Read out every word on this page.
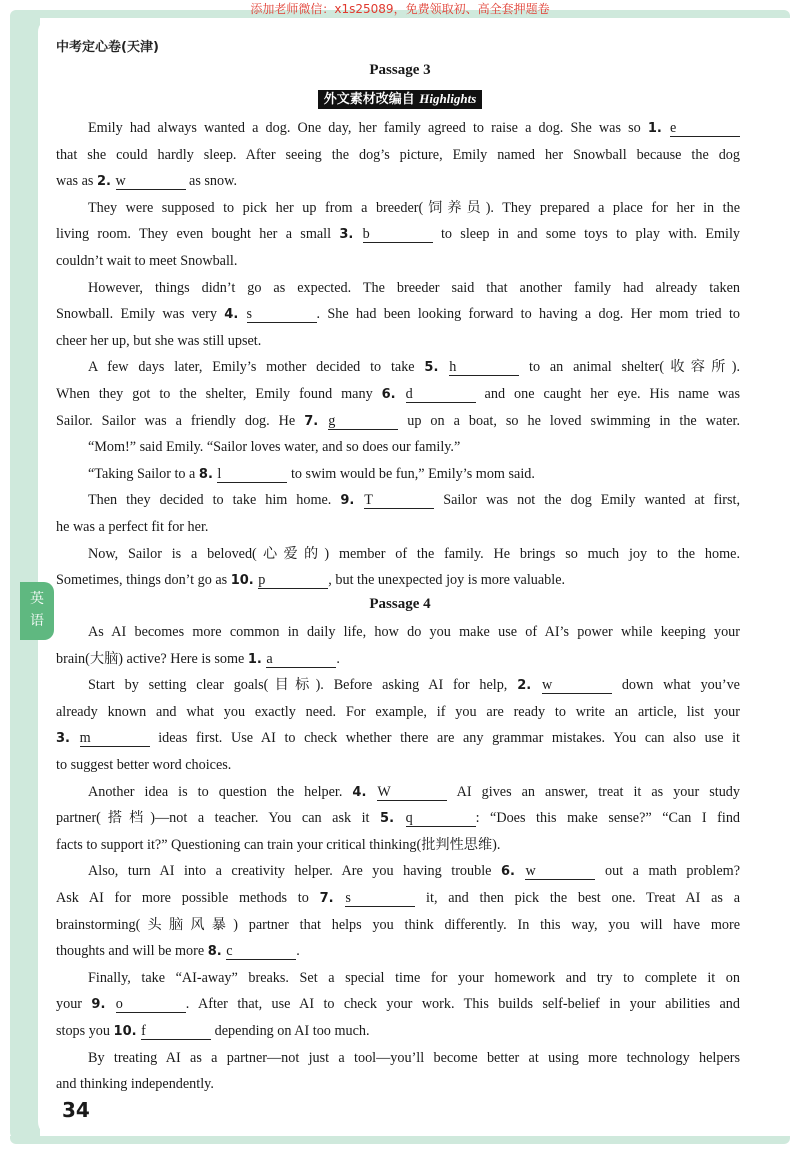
添加老师微信：x1s25089，免费领取初、高全套押题卷
中考定心卷(天津)
英
语
Passage 3
外文素材改编自 Highlights
Emily had always wanted a dog. One day, her family agreed to raise a dog. She was so 1. e
that she could hardly sleep. After seeing the dog’s picture, Emily named her Snowball because the dog
was as 2. w	as snow.
They were supposed to pick her up from a breeder(饲养员). They prepared a place for her in the
living room. They even bought her a small 3. b	to sleep in and some toys to play with. Emily
couldn’t wait to meet Snowball.
However, things didn’t go as expected. The breeder said that another family had already taken
Snowball. Emily was very 4. s	. She had been looking forward to having a dog. Her mom tried to
cheer her up, but she was still upset.
A few days later, Emily’s mother decided to take 5. h	to an animal shelter(收容所).
When they got to the shelter, Emily found many 6. d	and one caught her eye. His name was
Sailor. Sailor was a friendly dog. He 7. g	up on a boat, so he loved swimming in the water.
“Mom!” said Emily. “Sailor loves water, and so does our family.”
“Taking Sailor to a 8. l	to swim would be fun,” Emily’s mom said.
Then they decided to take him home. 9. T	Sailor was not the dog Emily wanted at first,
he was a perfect fit for her.
Now, Sailor is a beloved(心爱的) member of the family. He brings so much joy to the home.
Sometimes, things don’t go as 10. p	, but the unexpected joy is more valuable.
Passage 4
As AI becomes more common in daily life, how do you make use of AI’s power while keeping your
brain(大脑) active? Here is some 1. a	.
Start by setting clear goals(目标). Before asking AI for help, 2. w	down what you’ve
already known and what you exactly need. For example, if you are ready to write an article, list your
3. m	ideas first. Use AI to check whether there are any grammar mistakes. You can also use it
to suggest better word choices.
Another idea is to question the helper. 4. W	AI gives an answer, treat it as your study
partner(搭档)—not a teacher. You can ask it 5. q	: “Does this make sense?” “Can I find
facts to support it?” Questioning can train your critical thinking(批判性思维).
Also, turn AI into a creativity helper. Are you having trouble 6. w	out a math problem?
Ask AI for more possible methods to 7. s	it, and then pick the best one. Treat AI as a
brainstorming(头脑风暴) partner that helps you think differently. In this way, you will have more
thoughts and will be more 8. c	.
Finally, take “AI-away” breaks. Set a special time for your homework and try to complete it on
your 9. o	. After that, use AI to check your work. This builds self-belief in your abilities and
stops you 10. f	depending on AI too much.
By treating AI as a partner—not just a tool—you’ll become better at using more technology helpers
and thinking independently.
34
